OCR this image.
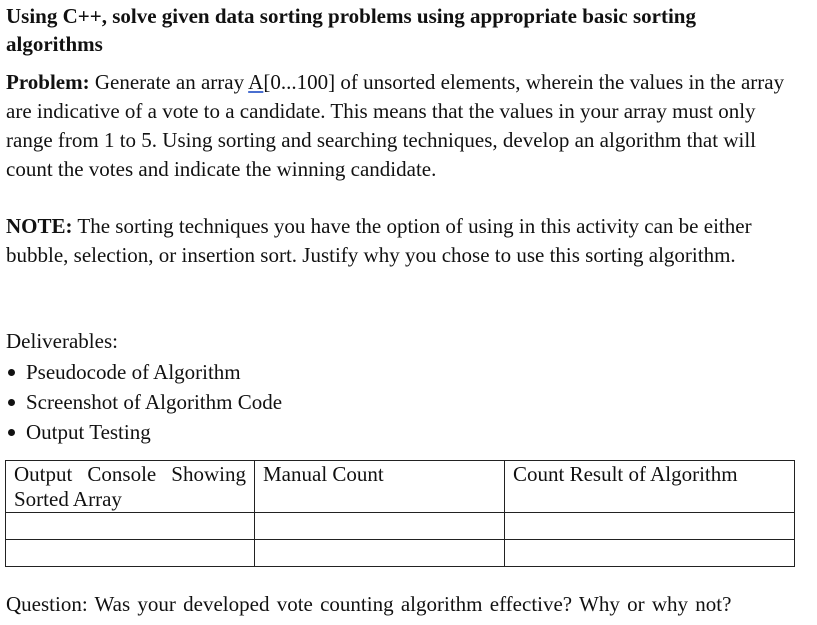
Using C++, solve given data sorting problems using appropriate basic sorting algorithms
Problem: Generate an array A[0...100] of unsorted elements, wherein the values in the array are indicative of a vote to a candidate. This means that the values in your array must only range from 1 to 5. Using sorting and searching techniques, develop an algorithm that will count the votes and indicate the winning candidate.
NOTE: The sorting techniques you have the option of using in this activity can be either bubble, selection, or insertion sort. Justify why you chose to use this sorting algorithm.
Deliverables:
Pseudocode of Algorithm
Screenshot of Algorithm Code
Output Testing
Output Console Showing Sorted Array	Manual Count	Count Result of Algorithm

Question: Was your developed vote counting algorithm effective? Why or why not?
